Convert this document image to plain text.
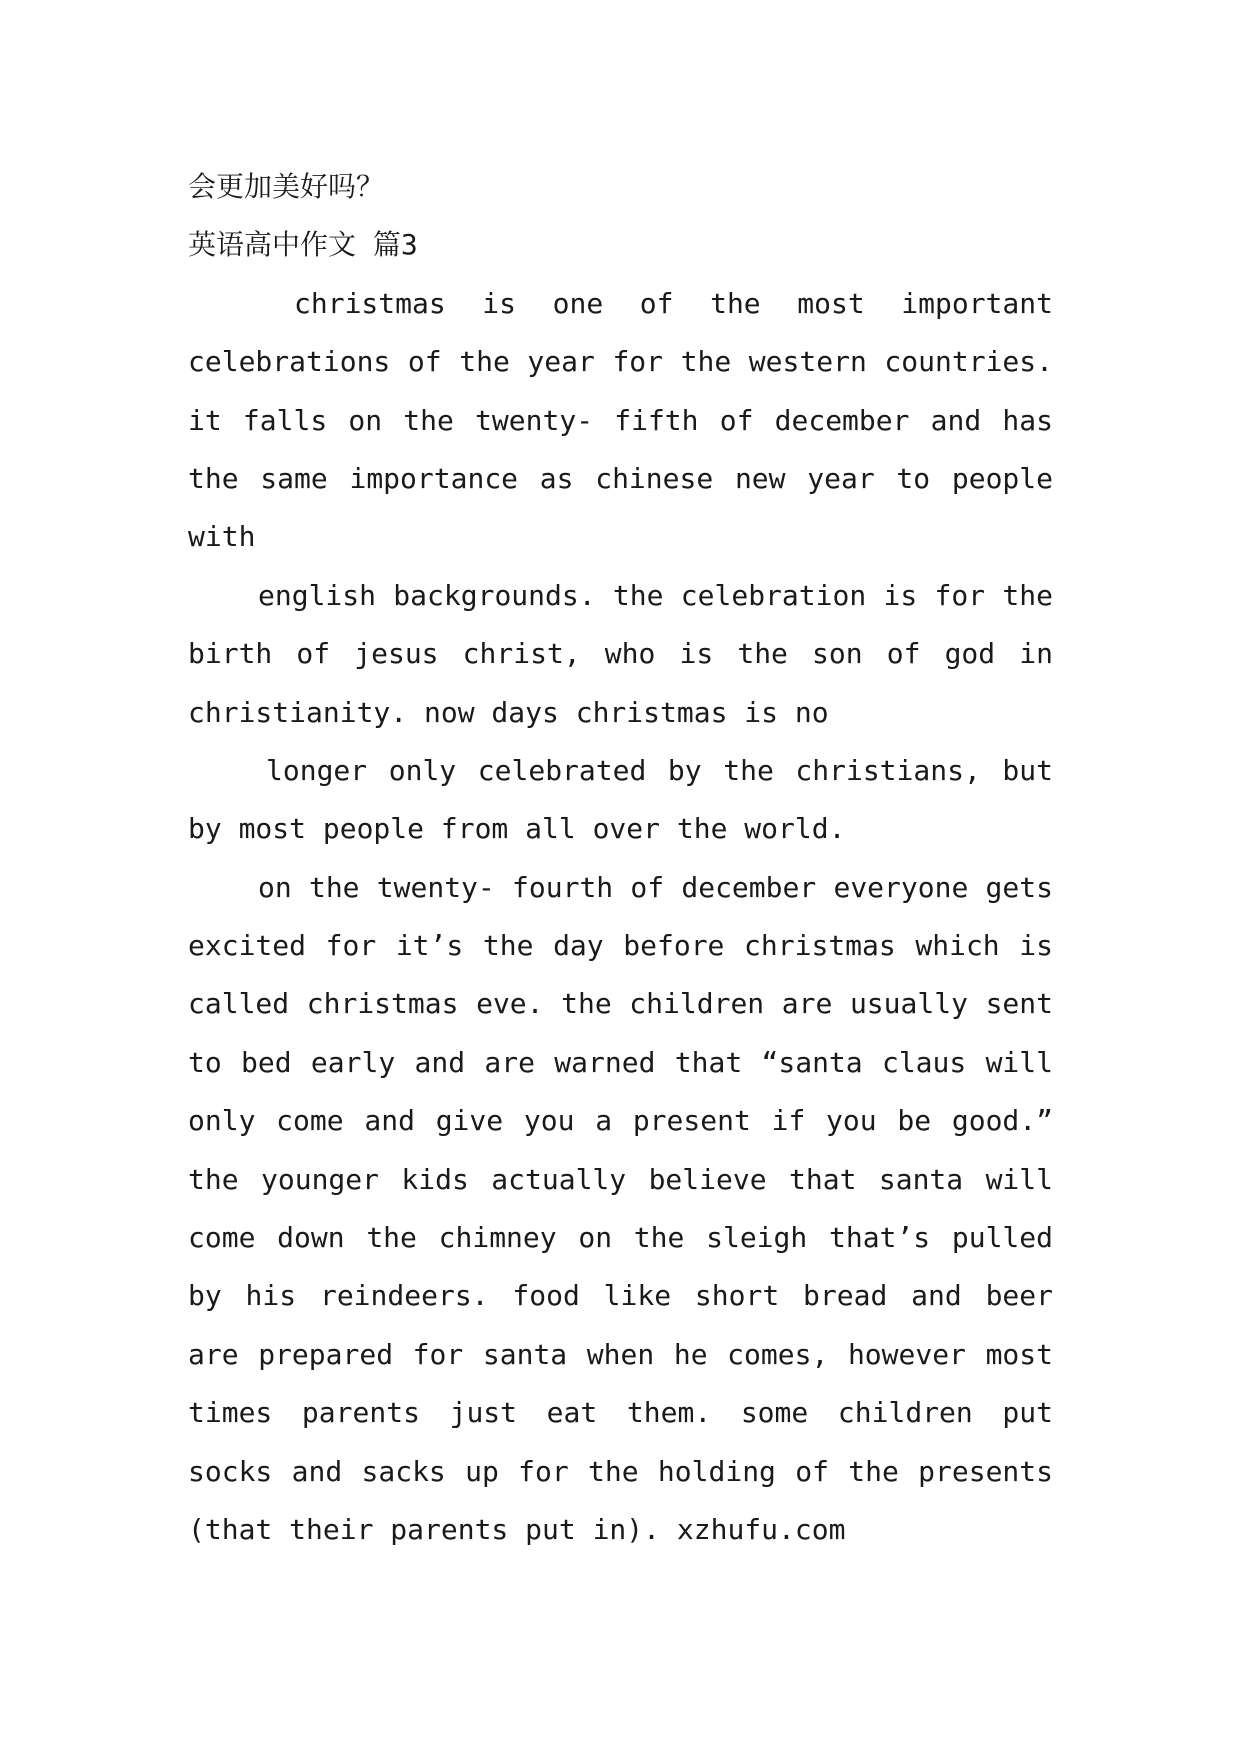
会更加美好吗？
英语高中作文 篇3
christmas is one of the most important
celebrations of the year for the western countries.
it falls on the twenty- fifth of december and has
the same importance as chinese new year to people
with
english backgrounds. the celebration is for the
birth of jesus christ, who is the son of god in
christianity. now days christmas is no
longer only celebrated by the christians, but
by most people from all over the world.
on the twenty- fourth of december everyone gets
excited for it’s the day before christmas which is
called christmas eve. the children are usually sent
to bed early and are warned that “santa claus will
only come and give you a present if you be good.”
the younger kids actually believe that santa will
come down the chimney on the sleigh that’s pulled
by his reindeers. food like short bread and beer
are prepared for santa when he comes, however most
times parents just eat them. some children put
socks and sacks up for the holding of the presents
(that their parents put in). xzhufu.com
